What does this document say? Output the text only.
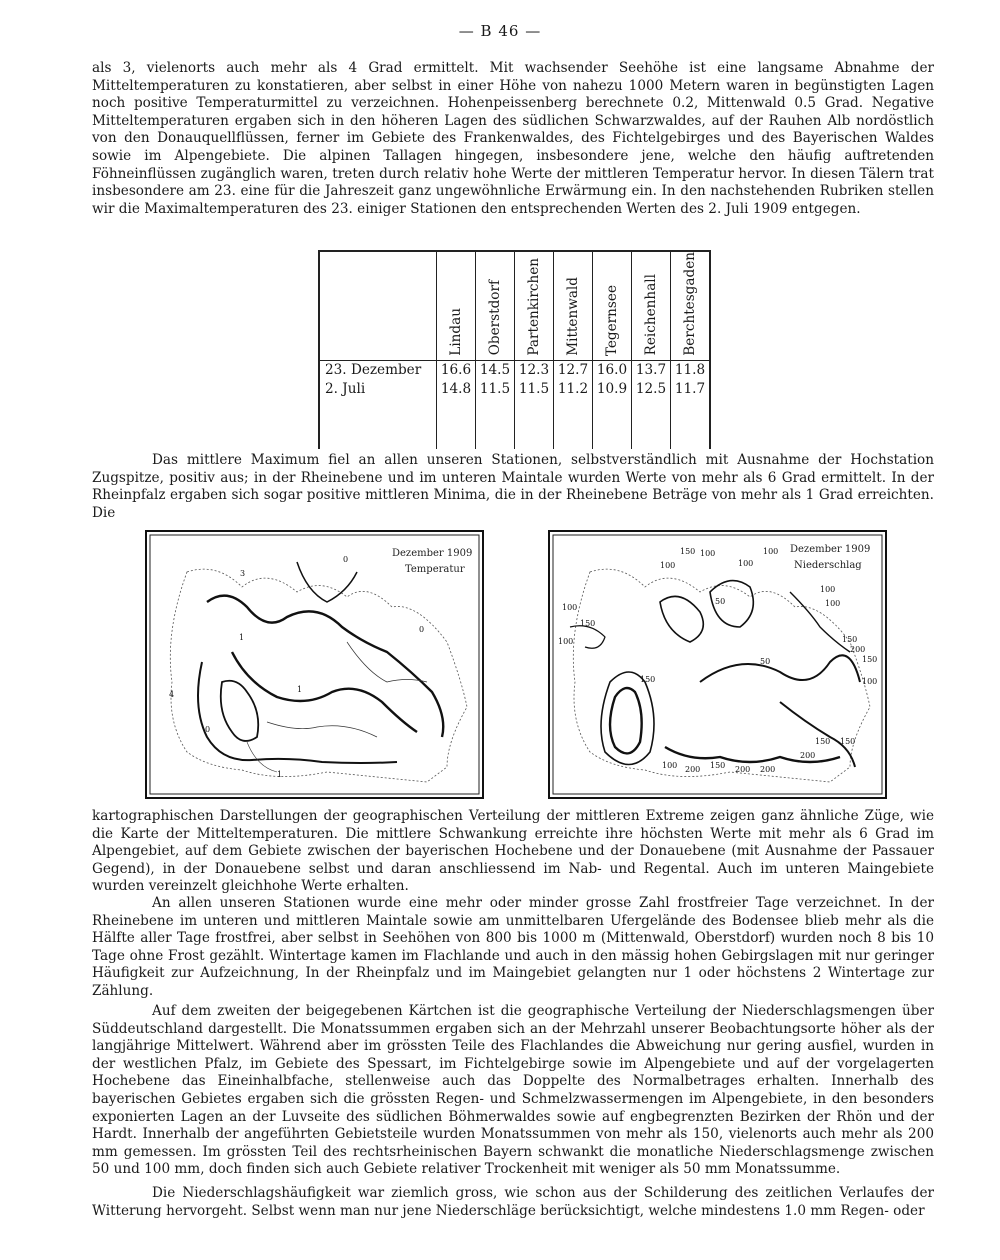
— B 46 —

als 3, vielenorts auch mehr als 4 Grad ermittelt. Mit wachsender Seehöhe ist eine langsame Abnahme der Mitteltemperaturen zu konstatieren, aber selbst in einer Höhe von nahezu 1000 Metern waren in begünstigten Lagen noch positive Temperaturmittel zu verzeichnen. Hohenpeissenberg berechnete 0.2, Mittenwald 0.5 Grad. Negative Mitteltemperaturen ergaben sich in den höheren Lagen des südlichen Schwarzwaldes, auf der Rauhen Alb nordöstlich von den Donauquellflüssen, ferner im Gebiete des Frankenwaldes, des Fichtelgebirges und des Bayerischen Waldes sowie im Alpengebiete. Die alpinen Tallagen hingegen, insbesondere jene, welche den häufig auftretenden Föhneinflüssen zugänglich waren, treten durch relativ hohe Werte der mittleren Temperatur hervor. In diesen Tälern trat insbesondere am 23. eine für die Jahreszeit ganz ungewöhnliche Erwärmung ein. In den nachstehenden Rubriken stellen wir die Maximaltemperaturen des 23. einiger Stationen den entsprechenden Werten des 2. Juli 1909 entgegen.

	Lindau	Oberstdorf	Partenkirchen	Mittenwald	Tegernsee	Reichenhall	Berchtesgaden

23. Dezember	16.6	14.5	12.3	12.7	16.0	13.7	11.8
2. Juli	14.8	11.5	11.5	11.2	10.9	12.5	11.7

Das mittlere Maximum fiel an allen unseren Stationen, selbstverständlich mit Ausnahme der Hochstation Zugspitze, positiv aus; in der Rheinebene und im unteren Maintale wurden Werte von mehr als 6 Grad ermittelt. In der Rheinpfalz ergaben sich sogar positive mittleren Minima, die in der Rheinebene Beträge von mehr als 1 Grad erreichten. Die

Dezember 1909
Temperatur
0
3
1
4
0
1
0
1
Dezember 1909
Niederschlag
150 100	100
100	100
150
100
50
100
150
100
100
150
200
150
100
50
150
100 200 150 200
200
150
200

kartographischen Darstellungen der geographischen Verteilung der mittleren Extreme zeigen ganz ähnliche Züge, wie die Karte der Mitteltemperaturen. Die mittlere Schwankung erreichte ihre höchsten Werte mit mehr als 6 Grad im Alpengebiet, auf dem Gebiete zwischen der bayerischen Hochebene und der Donauebene (mit Ausnahme der Passauer Gegend), in der Donauebene selbst und daran anschliessend im Nab- und Regental. Auch im unteren Maingebiete wurden vereinzelt gleichhohe Werte erhalten.

An allen unseren Stationen wurde eine mehr oder minder grosse Zahl frostfreier Tage verzeichnet. In der Rheinebene im unteren und mittleren Maintale sowie am unmittelbaren Ufergelände des Bodensee blieb mehr als die Hälfte aller Tage frostfrei, aber selbst in Seehöhen von 800 bis 1000 m (Mittenwald, Oberstdorf) wurden noch 8 bis 10 Tage ohne Frost gezählt. Wintertage kamen im Flachlande und auch in den mässig hohen Gebirgslagen mit nur geringer Häufigkeit zur Aufzeichnung, In der Rheinpfalz und im Maingebiet gelangten nur 1 oder höchstens 2 Wintertage zur Zählung.

Auf dem zweiten der beigegebenen Kärtchen ist die geographische Verteilung der Niederschlagsmengen über Süddeutschland dargestellt. Die Monatssummen ergaben sich an der Mehrzahl unserer Beobachtungsorte höher als der langjährige Mittelwert. Während aber im grössten Teile des Flachlandes die Abweichung nur gering ausfiel, wurden in der westlichen Pfalz, im Gebiete des Spessart, im Fichtelgebirge sowie im Alpengebiete und auf der vorgelagerten Hochebene das Eineinhalbfache, stellenweise auch das Doppelte des Normalbetrages erhalten. Innerhalb des bayerischen Gebietes ergaben sich die grössten Regen- und Schmelzwassermengen im Alpengebiete, in den besonders exponierten Lagen an der Luvseite des südlichen Böhmerwaldes sowie auf engbegrenzten Bezirken der Rhön und der Hardt. Innerhalb der angeführten Gebietsteile wurden Monatssummen von mehr als 150, vielenorts auch mehr als 200 mm gemessen. Im grössten Teil des rechtsrheinischen Bayern schwankt die monatliche Niederschlagsmenge zwischen 50 und 100 mm, doch finden sich auch Gebiete relativer Trockenheit mit weniger als 50 mm Monatssumme.

Die Niederschlagshäufigkeit war ziemlich gross, wie schon aus der Schilderung des zeitlichen Verlaufes der Witterung hervorgeht. Selbst wenn man nur jene Niederschläge berücksichtigt, welche mindestens 1.0 mm Regen- oder
